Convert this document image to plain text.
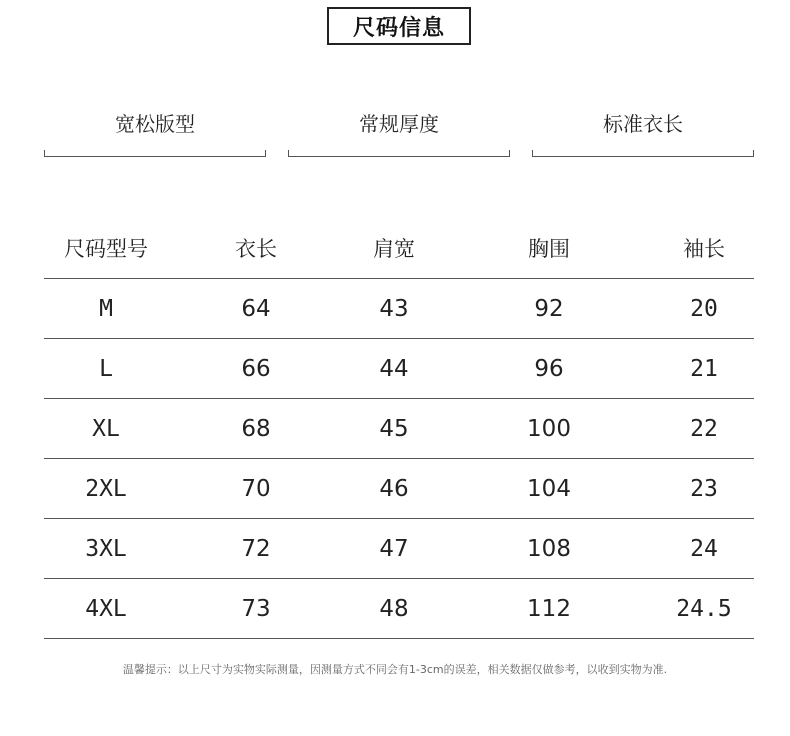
尺码信息
宽松版型	常规厚度	标准衣长
尺码型号	衣长	肩宽	胸围	袖长
M	64	43	92	20
L	66	44	96	21
XL	68	45	100	22
2XL	70	46	104	23
3XL	72	47	108	24
4XL	73	48	112	24.5
温馨提示：以上尺寸为实物实际测量，因测量方式不同会有1-3cm的误差，相关数据仅做参考，以收到实物为准.
